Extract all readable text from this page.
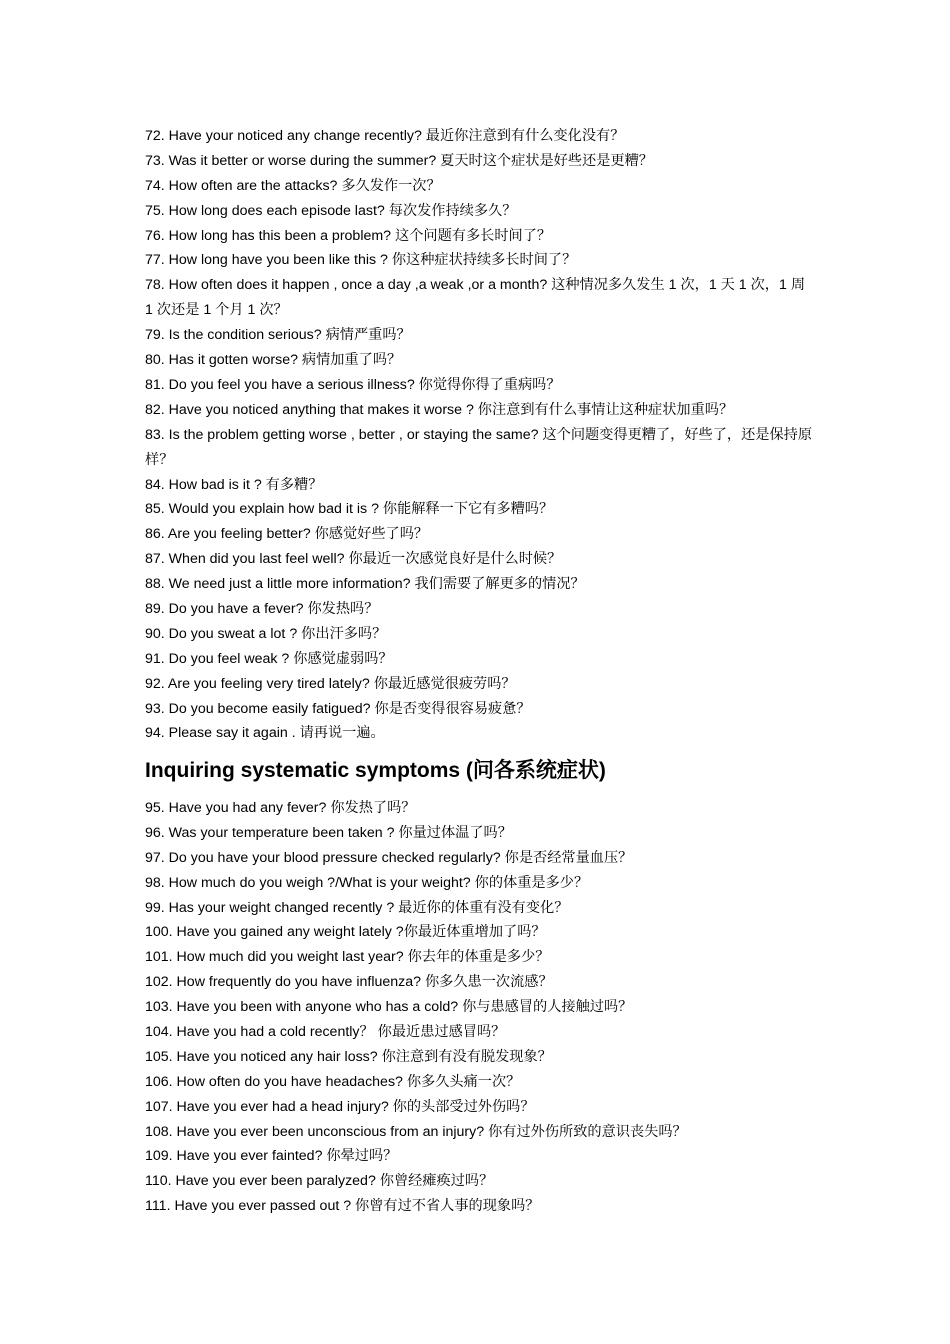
72. Have your noticed any change recently? 最近你注意到有什么变化没有？
73. Was it better or worse during the summer? 夏天时这个症状是好些还是更糟？
74. How often are the attacks? 多久发作一次？
75. How long does each episode last? 每次发作持续多久？
76. How long has this been a problem? 这个问题有多长时间了？
77. How long have you been like this ? 你这种症状持续多长时间了？
78. How often does it happen , once a day ,a weak ,or a month? 这种情况多久发生 1 次，1 天 1 次，1 周 1 次还是 1 个月 1 次？
79. Is the condition serious? 病情严重吗？
80. Has it gotten worse? 病情加重了吗？
81. Do you feel you have a serious illness? 你觉得你得了重病吗？
82. Have you noticed anything that makes it worse ? 你注意到有什么事情让这种症状加重吗？
83. Is the problem getting worse , better , or staying the same? 这个问题变得更糟了，好些了，还是保持原样？
84. How bad is it ? 有多糟？
85. Would you explain how bad it is ? 你能解释一下它有多糟吗？
86. Are you feeling better? 你感觉好些了吗？
87. When did you last feel well? 你最近一次感觉良好是什么时候？
88. We need just a little more information? 我们需要了解更多的情况？
89. Do you have a fever? 你发热吗？
90. Do you sweat a lot ? 你出汗多吗？
91. Do you feel weak ? 你感觉虚弱吗？
92. Are you feeling very tired lately? 你最近感觉很疲劳吗？
93. Do you become easily fatigued? 你是否变得很容易疲惫？
94. Please say it again . 请再说一遍。
Inquiring systematic symptoms (问各系统症状)
95. Have you had any fever? 你发热了吗？
96. Was your temperature been taken ? 你量过体温了吗？
97. Do you have your blood pressure checked regularly? 你是否经常量血压？
98. How much do you weigh ?/What is your weight? 你的体重是多少？
99. Has your weight changed recently ? 最近你的体重有没有变化？
100. Have you gained any weight lately ?你最近体重增加了吗？
101. How much did you weight last year? 你去年的体重是多少？
102. How frequently do you have influenza? 你多久患一次流感？
103. Have you been with anyone who has a cold? 你与患感冒的人接触过吗？
104. Have you had a cold recently？ 你最近患过感冒吗？
105. Have you noticed any hair loss? 你注意到有没有脱发现象？
106. How often do you have headaches? 你多久头痛一次？
107. Have you ever had a head injury? 你的头部受过外伤吗？
108. Have you ever been unconscious from an injury? 你有过外伤所致的意识丧失吗？
109. Have you ever fainted? 你晕过吗？
110. Have you ever been paralyzed? 你曾经瘫痪过吗？
111. Have you ever passed out ? 你曾有过不省人事的现象吗？
